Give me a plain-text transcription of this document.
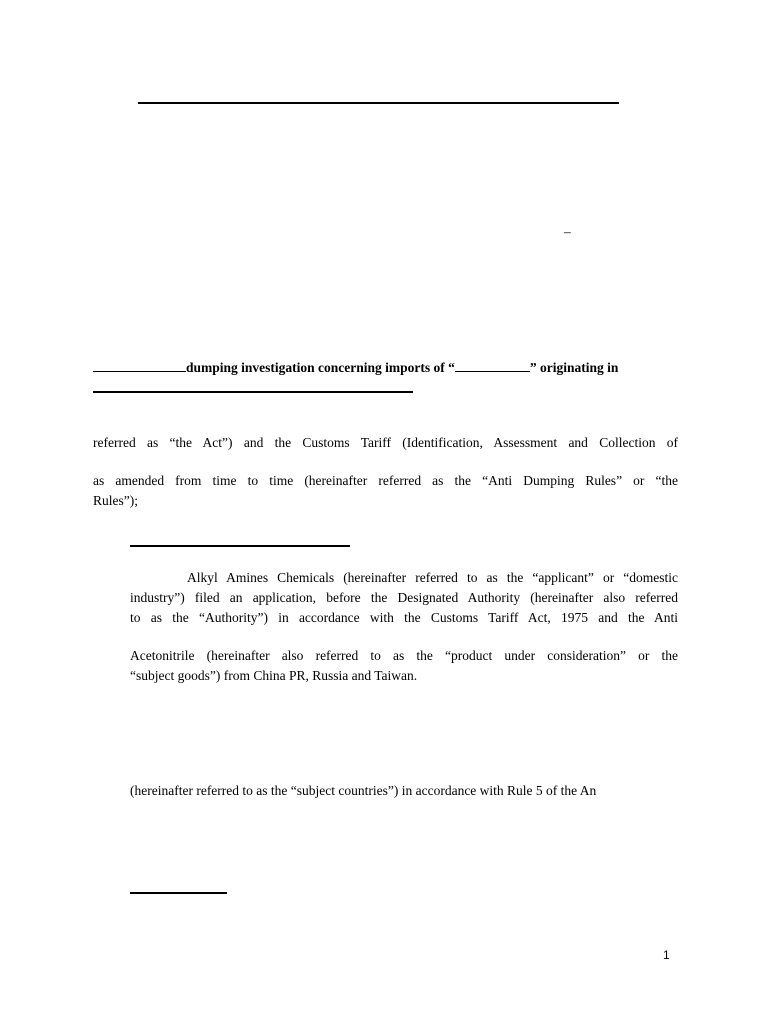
–
dumping investigation concerning imports of “	” originating in
referred as “the Act”) and the Customs Tariff (Identification, Assessment and Collection of
as amended from time to time (hereinafter referred as the “Anti Dumping Rules” or “the
Rules”);
Alkyl Amines Chemicals (hereinafter referred to as the “applicant” or “domestic
industry”) filed an application, before the Designated Authority (hereinafter also referred
to as the “Authority”) in accordance with the Customs Tariff Act, 1975 and the Anti
Acetonitrile (hereinafter also referred to as the “product under consideration” or the
“subject goods”) from China PR, Russia and Taiwan.
(hereinafter referred to as the “subject countries”) in accordance with Rule 5 of the An
1
